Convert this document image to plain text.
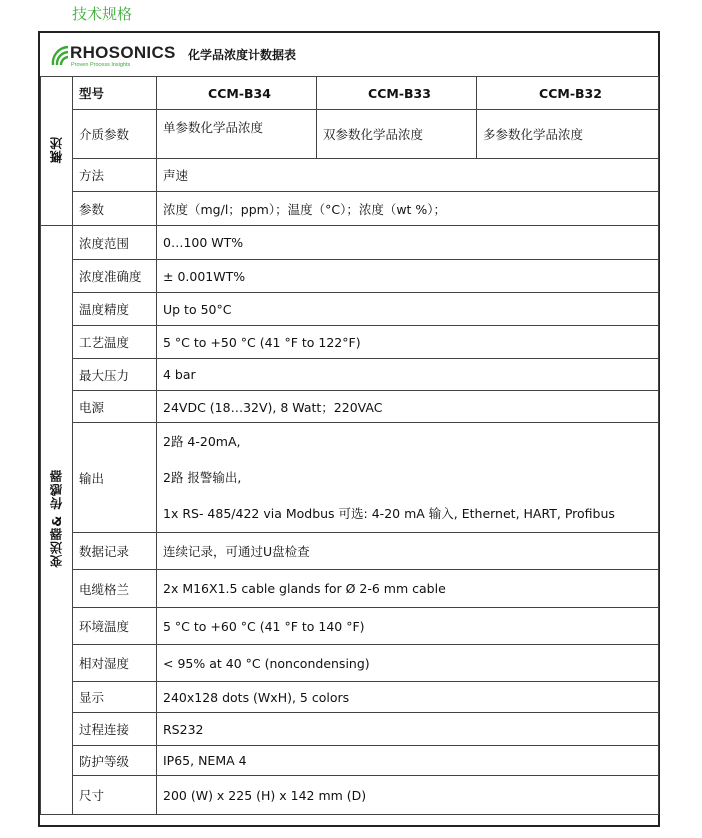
技术规格
RHOSONICS
Proven Process Insights
化学品浓度计数据表
概述	型号	CCM-B34	CCM-B33	CCM-B32
	介质参数	单参数化学品浓度	双参数化学品浓度	多参数化学品浓度
	方法	声速		
	参数	浓度（mg/l；ppm）；温度（°C）；浓度（wt %）；		
变送器& 传感器	浓度范围	0…100 WT%		
	浓度准确度	± 0.001WT%		
	温度精度	Up to 50°C		
	工艺温度	5 °C to +50 °C (41 °F to 122°F)		
	最大压力	4 bar		
	电源	24VDC (18…32V), 8 Watt；220VAC		
	输出	2路 4-20mA,
2路 报警输出,
1x RS- 485/422 via Modbus 可选: 4-20 mA 输入, Ethernet, HART, Profibus		

	数据记录	连续记录，可通过U盘检查		
	电缆格兰	2x M16X1.5 cable glands for Ø 2-6 mm cable		
	环境温度	5 °C to +60 °C (41 °F to 140 °F)		
	相对湿度	< 95% at 40 °C (noncondensing)		
	显示	240x128 dots (WxH), 5 colors		
	过程连接	RS232		
	防护等级	IP65, NEMA 4		
	尺寸	200 (W) x 225 (H) x 142 mm (D)		
